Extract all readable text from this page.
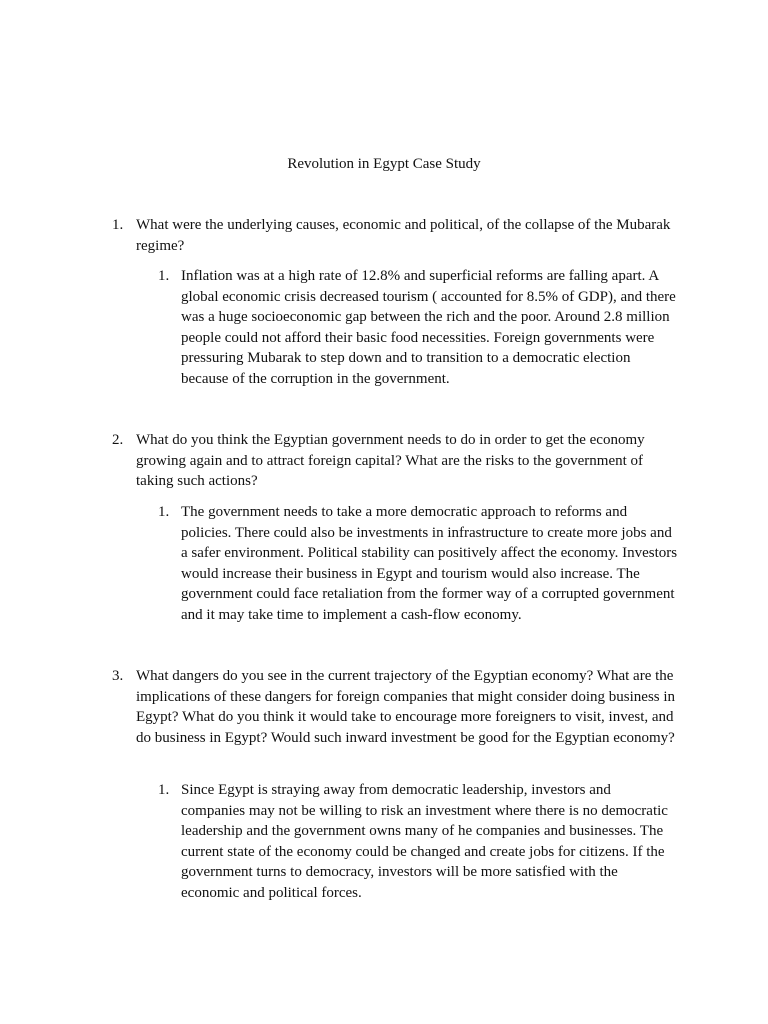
Revolution in Egypt Case Study
1. What were the underlying causes, economic and political, of the collapse of the Mubarak regime?
1. Inflation was at a high rate of 12.8% and superficial reforms are falling apart. A global economic crisis decreased tourism ( accounted for 8.5% of GDP), and there was a huge socioeconomic gap between the rich and the poor. Around 2.8 million people could not afford their basic food necessities. Foreign governments were pressuring Mubarak to step down and to transition to a democratic election because of the corruption in the government.
2. What do you think the Egyptian government needs to do in order to get the economy growing again and to attract foreign capital? What are the risks to the government of taking such actions?
1. The government needs to take a more democratic approach to reforms and policies. There could also be investments in infrastructure to create more jobs and a safer environment. Political stability can positively affect the economy. Investors would increase their business in Egypt and tourism would also increase. The government could face retaliation from the former way of a corrupted government and it may take time to implement a cash-flow economy.
3. What dangers do you see in the current trajectory of the Egyptian economy? What are the implications of these dangers for foreign companies that might consider doing business in Egypt? What do you think it would take to encourage more foreigners to visit, invest, and do business in Egypt? Would such inward investment be good for the Egyptian economy?
1. Since Egypt is straying away from democratic leadership, investors and companies may not be willing to risk an investment where there is no democratic leadership and the government owns many of he companies and businesses. The current state of the economy could be changed and create jobs for citizens. If the government turns to democracy, investors will be more satisfied with the economic and political forces.
